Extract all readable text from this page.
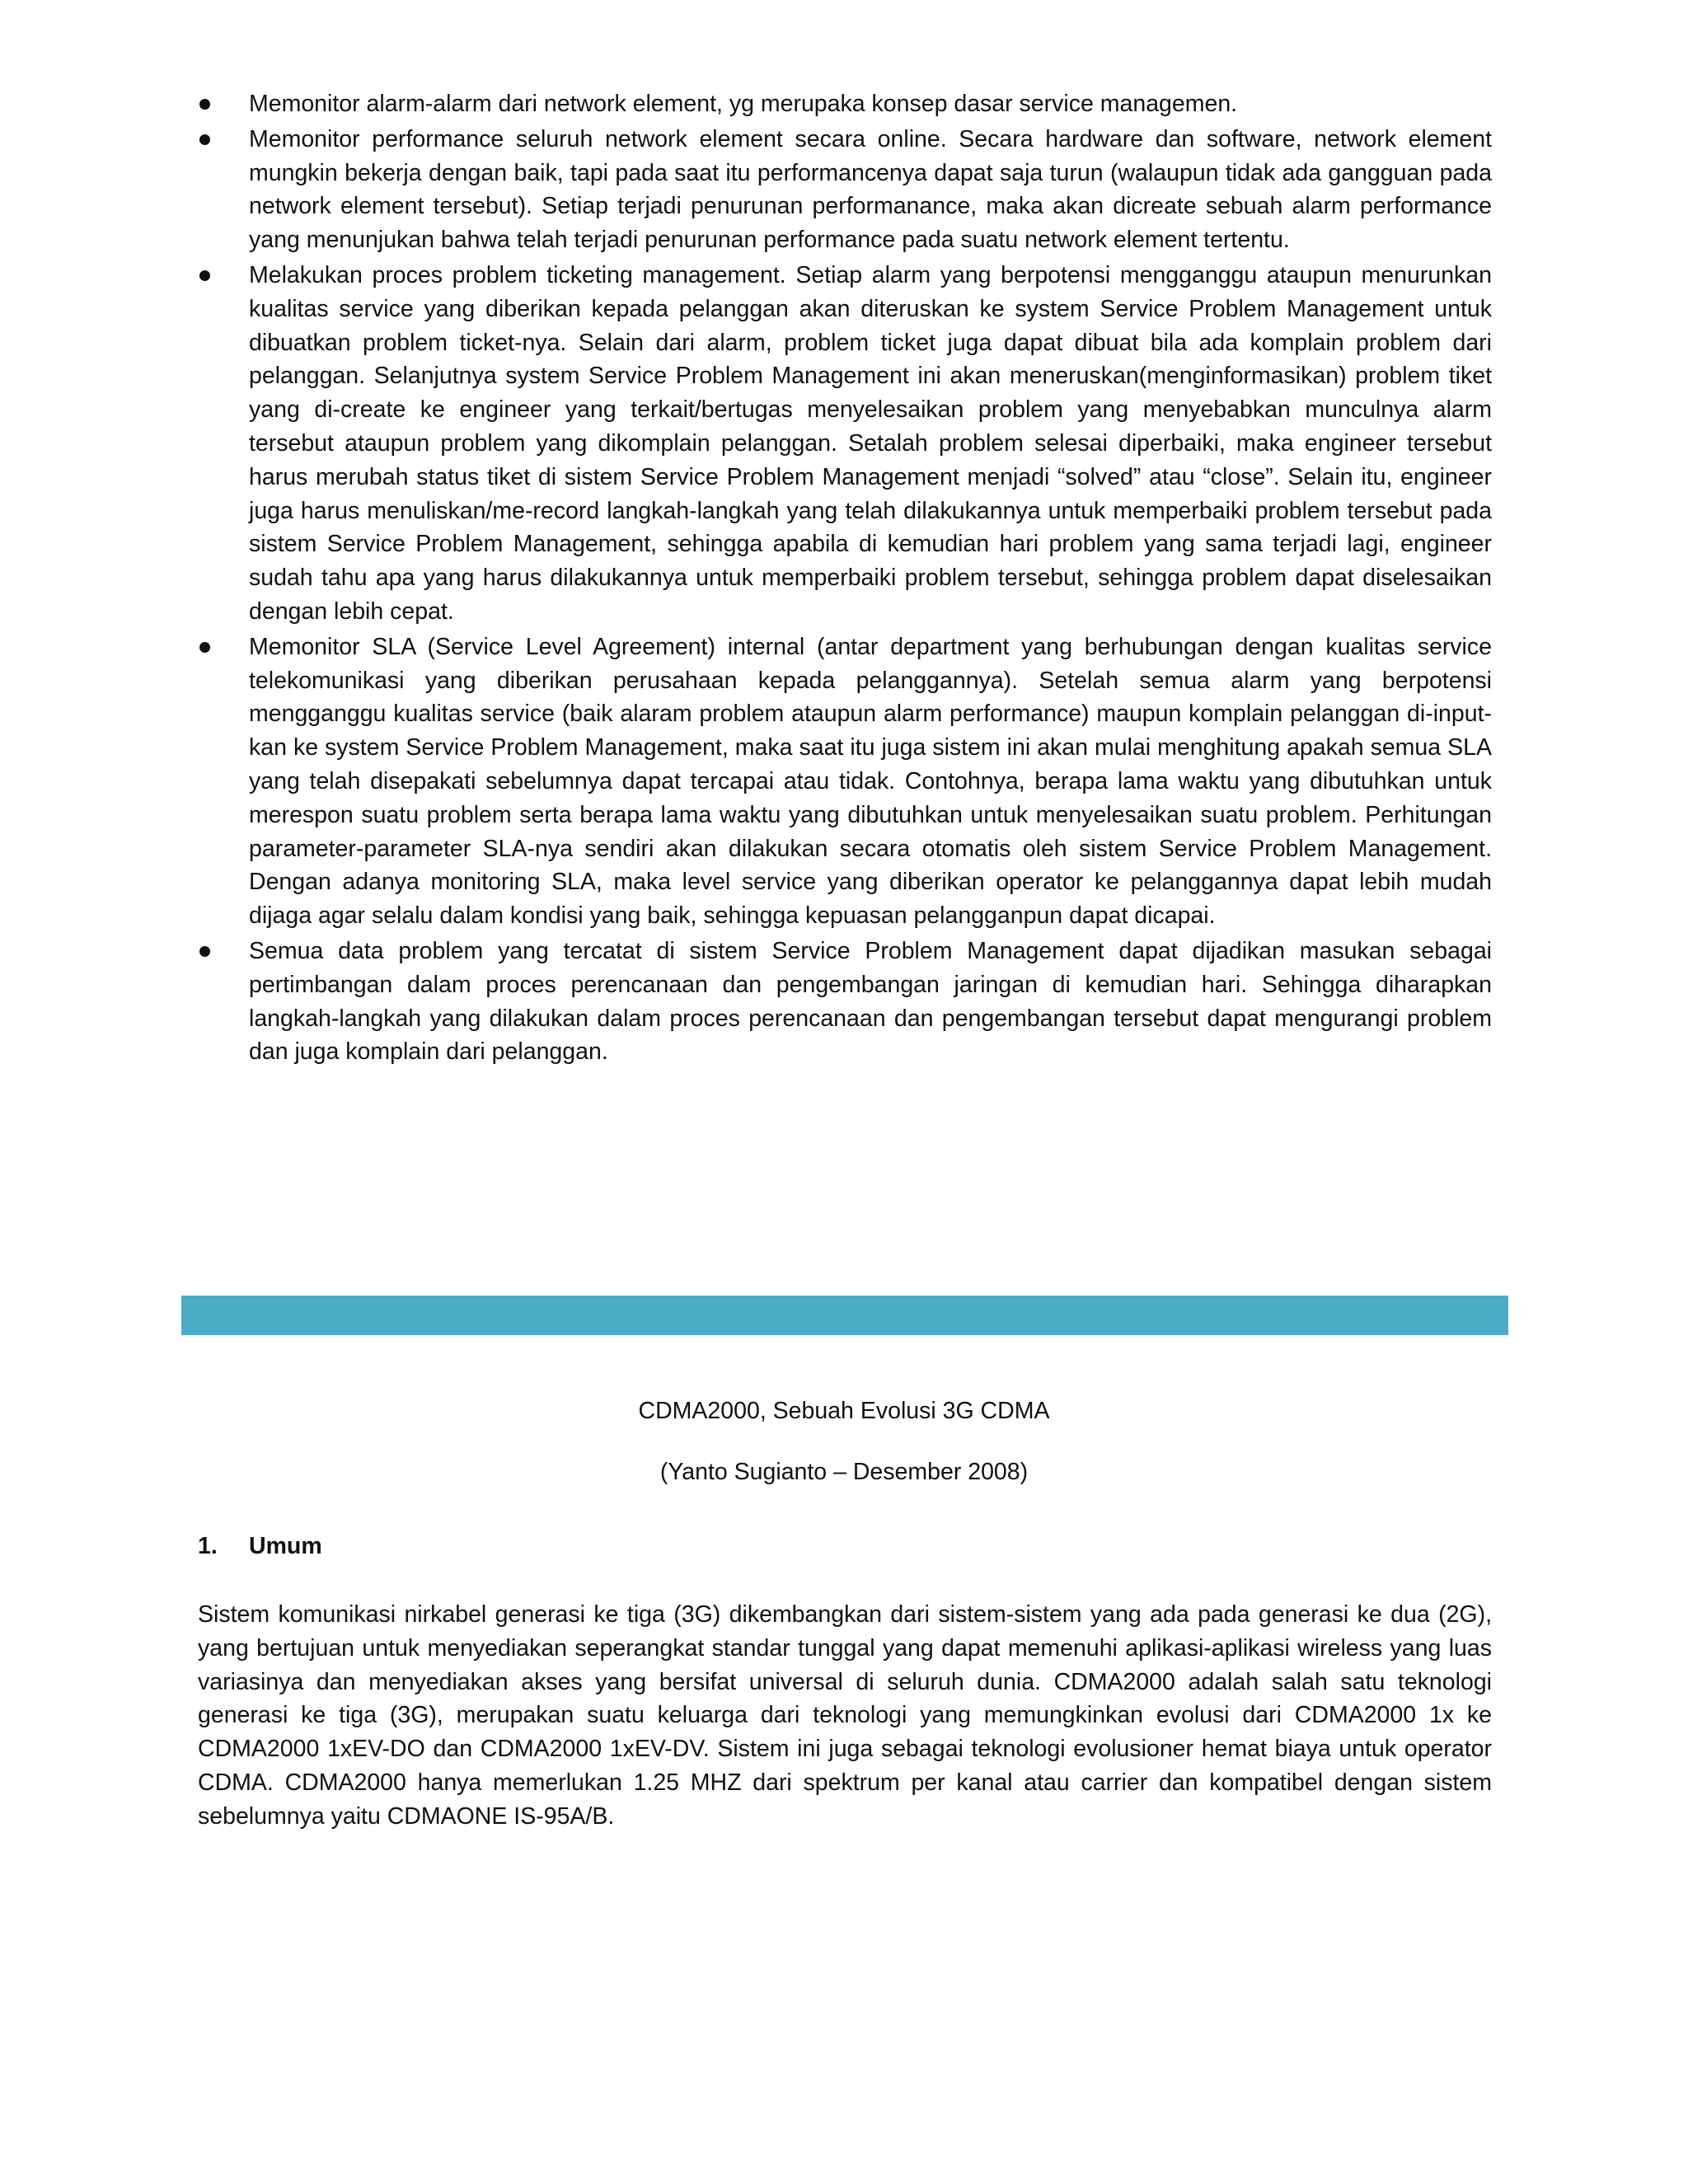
Memonitor alarm-alarm dari network element, yg merupaka konsep dasar service managemen.
Memonitor performance seluruh network element secara online. Secara hardware dan software, network element mungkin bekerja dengan baik, tapi pada saat itu performancenya dapat saja turun (walaupun tidak ada gangguan pada network element tersebut). Setiap terjadi penurunan performanance, maka akan dicreate sebuah alarm performance yang menunjukan bahwa telah terjadi penurunan performance pada suatu network element tertentu.
Melakukan proces problem ticketing management. Setiap alarm yang berpotensi mengganggu ataupun menurunkan kualitas service yang diberikan kepada pelanggan akan diteruskan ke system Service Problem Management untuk dibuatkan problem ticket-nya. Selain dari alarm, problem ticket juga dapat dibuat bila ada komplain problem dari pelanggan. Selanjutnya system Service Problem Management ini akan meneruskan(menginformasikan) problem tiket yang di-create ke engineer yang terkait/bertugas menyelesaikan problem yang menyebabkan munculnya alarm tersebut ataupun problem yang dikomplain pelanggan. Setalah problem selesai diperbaiki, maka engineer tersebut harus merubah status tiket di sistem Service Problem Management menjadi “solved” atau “close”. Selain itu, engineer juga harus menuliskan/me-record langkah-langkah yang telah dilakukannya untuk memperbaiki problem tersebut pada sistem Service Problem Management, sehingga apabila di kemudian hari problem yang sama terjadi lagi, engineer sudah tahu apa yang harus dilakukannya untuk memperbaiki problem tersebut, sehingga problem dapat diselesaikan dengan lebih cepat.
Memonitor SLA (Service Level Agreement) internal (antar department yang berhubungan dengan kualitas service telekomunikasi yang diberikan perusahaan kepada pelanggannya). Setelah semua alarm yang berpotensi mengganggu kualitas service (baik alaram problem ataupun alarm performance) maupun komplain pelanggan di-input-kan ke system Service Problem Management, maka saat itu juga sistem ini akan mulai menghitung apakah semua SLA yang telah disepakati sebelumnya dapat tercapai atau tidak. Contohnya, berapa lama waktu yang dibutuhkan untuk merespon suatu problem serta berapa lama waktu yang dibutuhkan untuk menyelesaikan suatu problem. Perhitungan parameter-parameter SLA-nya sendiri akan dilakukan secara otomatis oleh sistem Service Problem Management. Dengan adanya monitoring SLA, maka level service yang diberikan operator ke pelanggannya dapat lebih mudah dijaga agar selalu dalam kondisi yang baik, sehingga kepuasan pelangganpun dapat dicapai.
Semua data problem yang tercatat di sistem Service Problem Management dapat dijadikan masukan sebagai pertimbangan dalam proces perencanaan dan pengembangan jaringan di kemudian hari. Sehingga diharapkan langkah-langkah yang dilakukan dalam proces perencanaan dan pengembangan tersebut dapat mengurangi problem dan juga komplain dari pelanggan.
CDMA2000, Sebuah Evolusi 3G CDMA

(Yanto Sugianto – Desember 2008)

1. Umum

Sistem komunikasi nirkabel generasi ke tiga (3G) dikembangkan dari sistem-sistem yang ada pada generasi ke dua (2G), yang bertujuan untuk menyediakan seperangkat standar tunggal yang dapat memenuhi aplikasi-aplikasi wireless yang luas variasinya dan menyediakan akses yang bersifat universal di seluruh dunia. CDMA2000 adalah salah satu teknologi generasi ke tiga (3G), merupakan suatu keluarga dari teknologi yang memungkinkan evolusi dari CDMA2000 1x ke CDMA2000 1xEV-DO dan CDMA2000 1xEV-DV. Sistem ini juga sebagai teknologi evolusioner hemat biaya untuk operator CDMA. CDMA2000 hanya memerlukan 1.25 MHZ dari spektrum per kanal atau carrier dan kompatibel dengan sistem sebelumnya yaitu CDMAONE IS-95A/B.
